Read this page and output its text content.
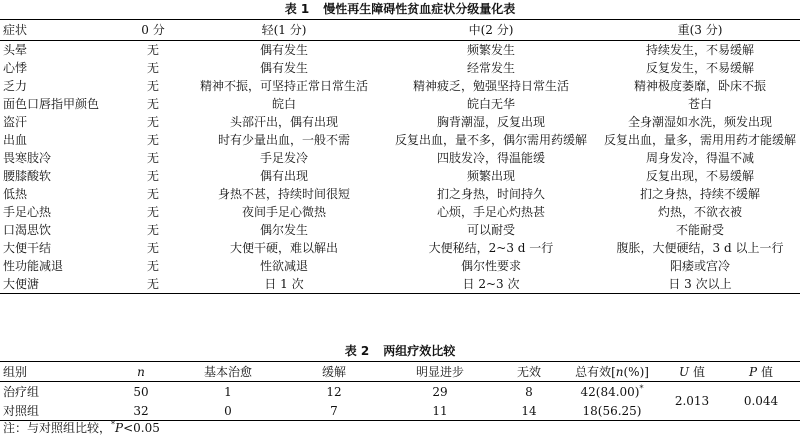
表 1 慢性再生障碍性贫血症状分级量化表
症状	0 分	轻(1 分)	中(2 分)	重(3 分)
头晕	无	偶有发生	频繁发生	持续发生，不易缓解
心悸	无	偶有发生	经常发生	反复发生，不易缓解
乏力	无	精神不振，可坚持正常日常生活	精神疲乏，勉强坚持日常生活	精神极度萎靡，卧床不振
面色口唇指甲颜色	无	皖白	皖白无华	苍白
盗汗	无	头部汗出，偶有出现	胸背潮湿，反复出现	全身潮湿如水洗，频发出现
出血	无	时有少量出血，一般不需	反复出血，量不多，偶尔需用药缓解	反复出血，量多，需用用药才能缓解
畏寒肢冷	无	手足发冷	四肢发冷，得温能缓	周身发冷，得温不减
腰膝酸软	无	偶有出现	频繁出现	反复出现，不易缓解
低热	无	身热不甚，持续时间很短	扪之身热，时间持久	扪之身热，持续不缓解
手足心热	无	夜间手足心微热	心烦，手足心灼热甚	灼热，不欲衣被
口渴思饮	无	偶尔发生	可以耐受	不能耐受
大便干结	无	大便干硬，难以解出	大便秘结，2~3 d 一行	腹胀，大便硬结，3 d 以上一行
性功能减退	无	性欲减退	偶尔性要求	阳痿或宫冷
大便溏	无	日 1 次	日 2~3 次	日 3 次以上
表 2 两组疗效比较
组别	n	基本治愈	缓解	明显进步	无效	总有效[n(%)]	U 值	P 值
治疗组	50	1	12	29	8	42(84.00)*	2.013	0.044
对照组	32	0	7	11	14	18(56.25)		
注：与对照组比较，*P<0.05
